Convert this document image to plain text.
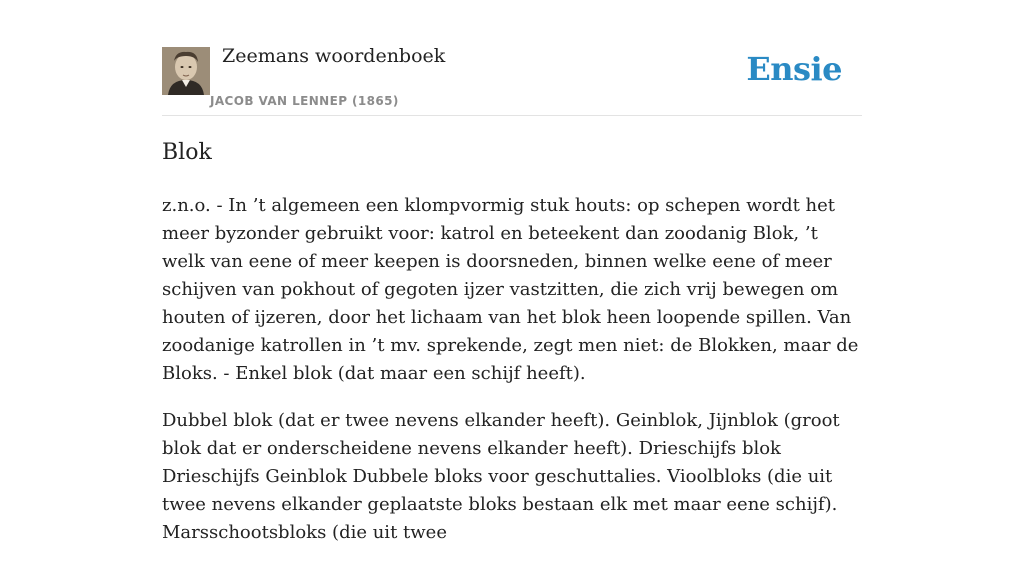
Zeemans woordenboek
JACOB VAN LENNEP (1865)
Ensie
Blok

z.n.o. - In ’t algemeen een klompvormig stuk houts: op schepen wordt het meer byzonder gebruikt voor: katrol en beteekent dan zoodanig Blok, ’t welk van eene of meer keepen is doorsneden, binnen welke eene of meer schijven van pokhout of gegoten ijzer vastzitten, die zich vrij bewegen om houten of ijzeren, door het lichaam van het blok heen loopende spillen. Van zoodanige katrollen in ’t mv. sprekende, zegt men niet: de Blokken, maar de Bloks. - Enkel blok (dat maar een schijf heeft).

Dubbel blok (dat er twee nevens elkander heeft). Geinblok, Jijnblok (groot blok dat er onderscheidene nevens elkander heeft). Drieschijfs blok Drieschijfs Geinblok Dubbele bloks voor geschuttalies. Vioolbloks (die uit twee nevens elkander geplaatste bloks bestaan elk met maar eene schijf). Marsschootsbloks (die uit twee
